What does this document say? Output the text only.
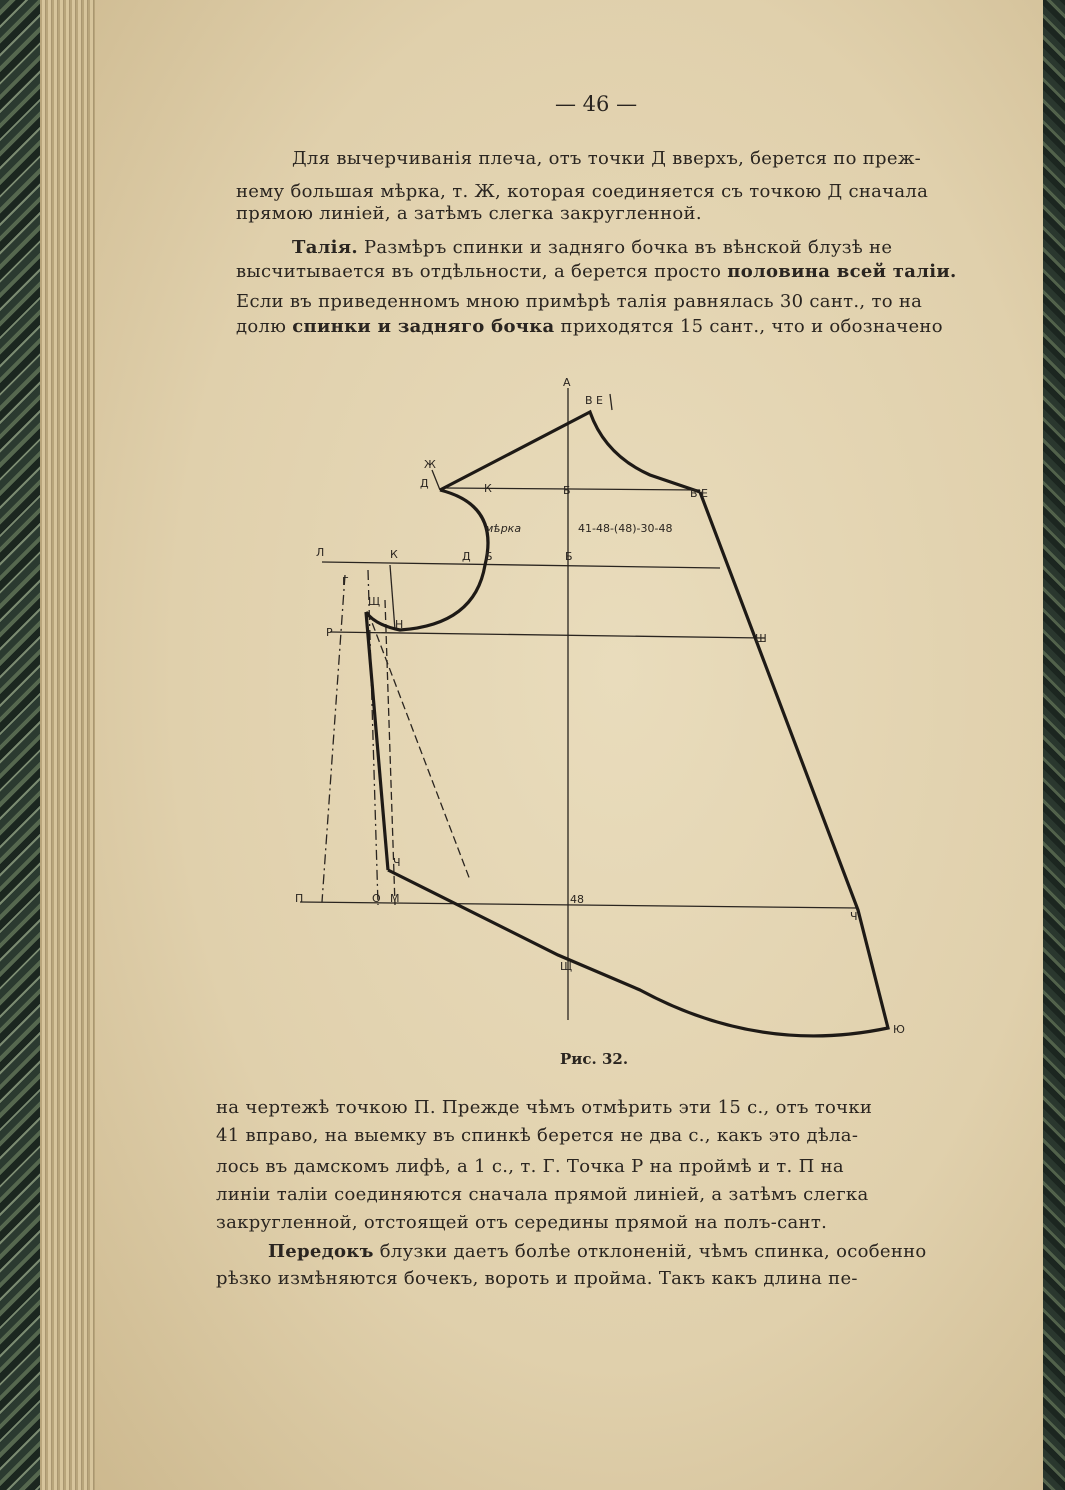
— 46 —
Для вычерчиванія плеча, отъ точки Д вверхъ, берется по преж-
нему большая мѣрка, т. Ж, которая соединяется съ точкою Д сначала
прямою линіей, а затѣмъ слегка закругленной.
Талія. Размѣръ спинки и задняго бочка въ вѣнской блузѣ не
высчитывается въ отдѣльности, а берется просто половина всей таліи.
Если въ приведенномъ мною примѣрѣ талія равнялась 30 сант., то на
долю спинки и задняго бочка приходятся 15 сант., что и обозначено
А
В Е
Ж
Д	К	Б	В Е
мѣрка	41-48-(48)-30-48
Л	К	Д Б	Б
Г
Р
Щ
Н
Ш
Ч
П	О М	48
Ч
Щ
Ю
Рис. 32.
на чертежѣ точкою П. Прежде чѣмъ отмѣрить эти 15 с., отъ точки
41 вправо, на выемку въ спинкѣ берется не два с., какъ это дѣла-
лось въ дамскомъ лифѣ, а 1 с., т. Г. Точка Р на проймѣ и т. П на
линіи таліи соединяются сначала прямой линіей, а затѣмъ слегка
закругленной, отстоящей отъ середины прямой на полъ-сант.
Передокъ блузки даетъ болѣе отклоненій, чѣмъ спинка, особенно
рѣзко измѣняются бочекъ, вороть и пройма. Такъ какъ длина пе-
